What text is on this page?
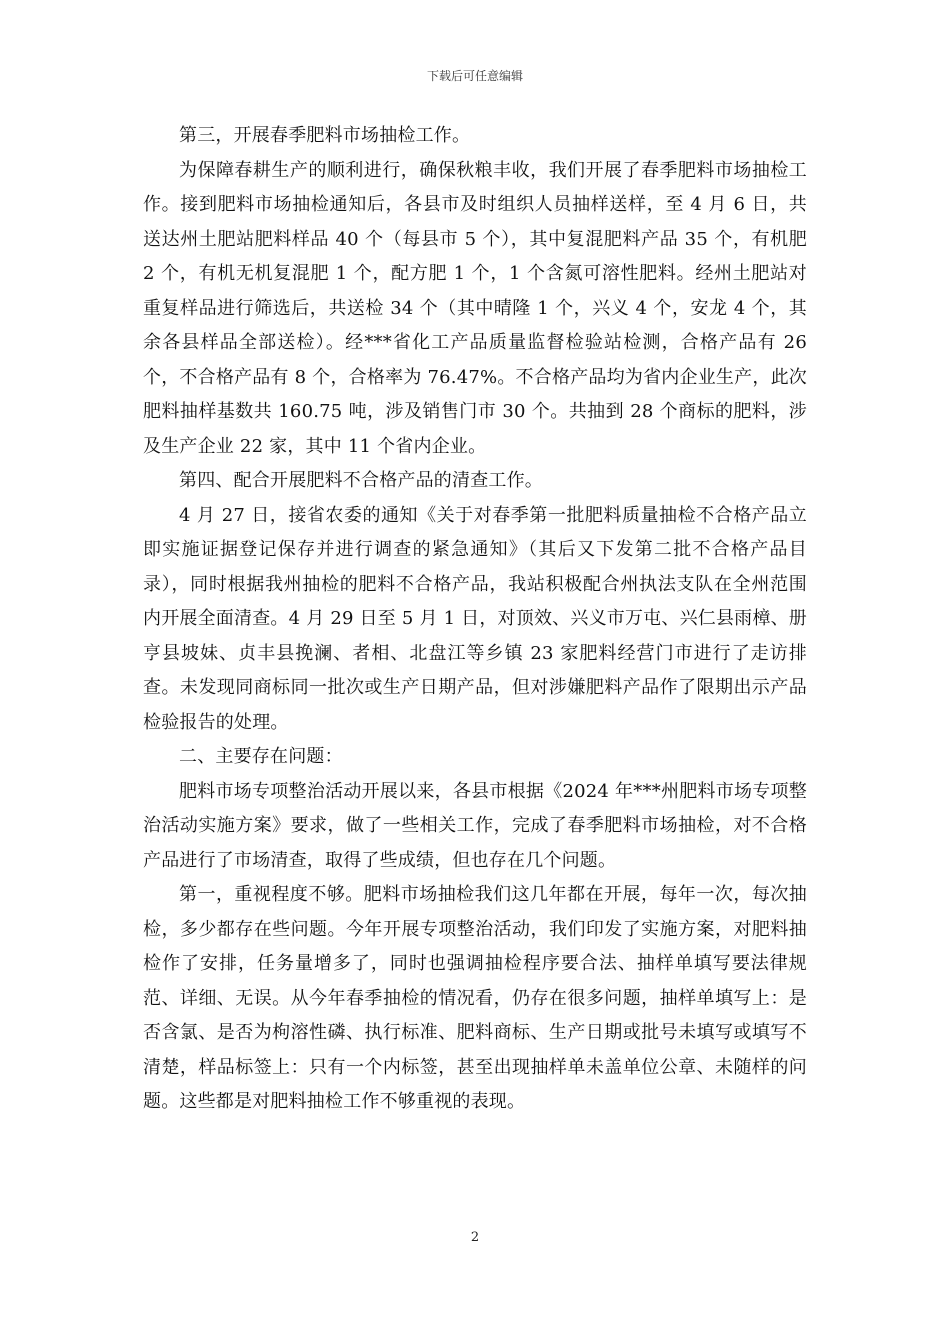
下载后可任意编辑

第三，开展春季肥料市场抽检工作。

为保障春耕生产的顺利进行，确保秋粮丰收，我们开展了春季肥料市场抽检工作。接到肥料市场抽检通知后，各县市及时组织人员抽样送样，至 4 月 6 日，共送达州土肥站肥料样品 40 个（每县市 5 个），其中复混肥料产品 35 个，有机肥 2 个，有机无机复混肥 1 个，配方肥 1 个，1 个含氮可溶性肥料。经州土肥站对重复样品进行筛选后，共送检 34 个（其中晴隆 1 个，兴义 4 个，安龙 4 个，其余各县样品全部送检）。经***省化工产品质量监督检验站检测，合格产品有 26 个，不合格产品有 8 个，合格率为 76.47%。不合格产品均为省内企业生产，此次肥料抽样基数共 160.75 吨，涉及销售门市 30 个。共抽到 28 个商标的肥料，涉及生产企业 22 家，其中 11 个省内企业。

第四、配合开展肥料不合格产品的清查工作。

4 月 27 日，接省农委的通知《关于对春季第一批肥料质量抽检不合格产品立即实施证据登记保存并进行调查的紧急通知》（其后又下发第二批不合格产品目录），同时根据我州抽检的肥料不合格产品，我站积极配合州执法支队在全州范围内开展全面清查。4 月 29 日至 5 月 1 日，对顶效、兴义市万屯、兴仁县雨樟、册亨县坡妹、贞丰县挽澜、者相、北盘江等乡镇 23 家肥料经营门市进行了走访排查。未发现同商标同一批次或生产日期产品，但对涉嫌肥料产品作了限期出示产品检验报告的处理。

二、主要存在问题：

肥料市场专项整治活动开展以来，各县市根据《2024 年***州肥料市场专项整治活动实施方案》要求，做了一些相关工作，完成了春季肥料市场抽检，对不合格产品进行了市场清查，取得了些成绩，但也存在几个问题。

第一，重视程度不够。肥料市场抽检我们这几年都在开展，每年一次，每次抽检，多少都存在些问题。今年开展专项整治活动，我们印发了实施方案，对肥料抽检作了安排，任务量增多了，同时也强调抽检程序要合法、抽样单填写要法律规范、详细、无误。从今年春季抽检的情况看，仍存在很多问题，抽样单填写上：是否含氯、是否为枸溶性磷、执行标准、肥料商标、生产日期或批号未填写或填写不清楚，样品标签上：只有一个内标签，甚至出现抽样单未盖单位公章、未随样的问题。这些都是对肥料抽检工作不够重视的表现。

2
